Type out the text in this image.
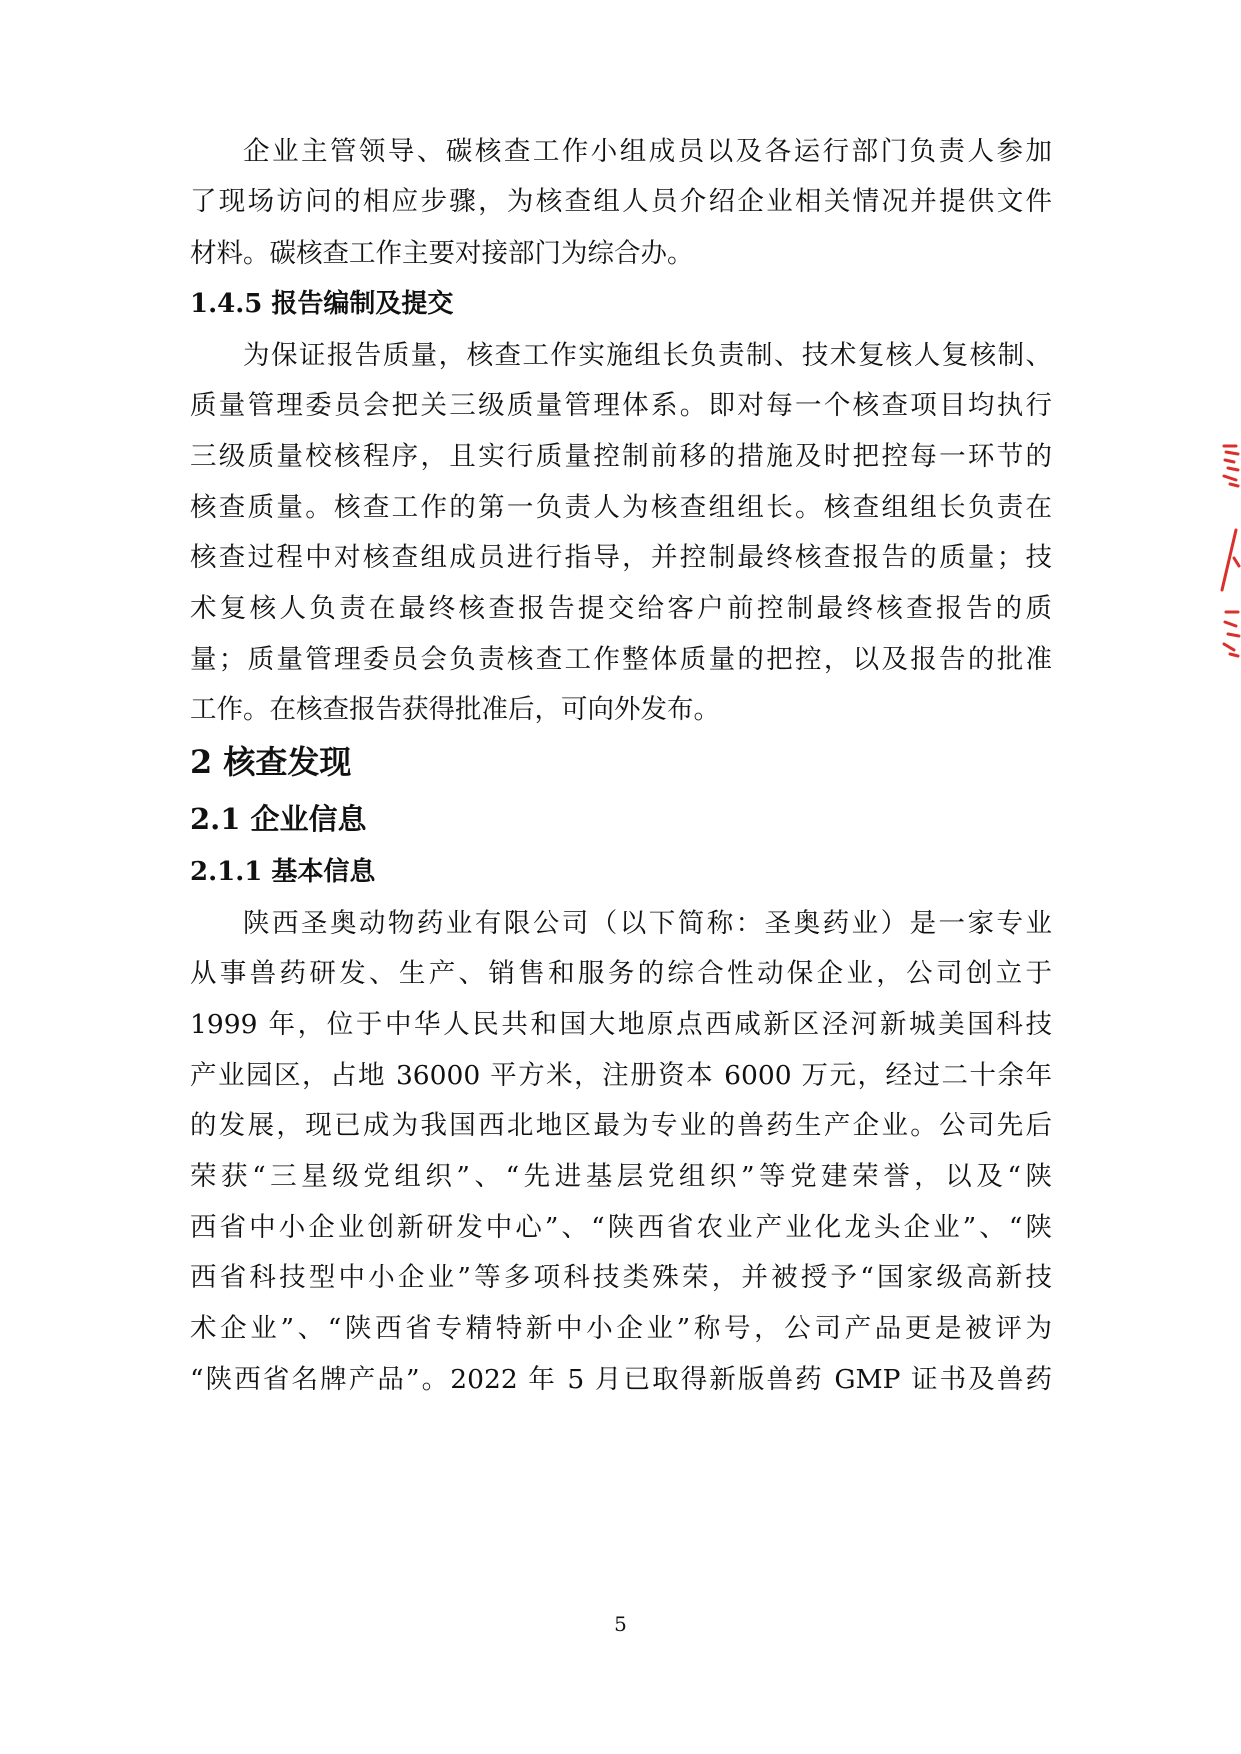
企业主管领导、碳核查工作小组成员以及各运行部门负责人参加
了现场访问的相应步骤，为核查组人员介绍企业相关情况并提供文件
材料。碳核查工作主要对接部门为综合办。
1.4.5 报告编制及提交
为保证报告质量，核查工作实施组长负责制、技术复核人复核制、
质量管理委员会把关三级质量管理体系。即对每一个核查项目均执行
三级质量校核程序，且实行质量控制前移的措施及时把控每一环节的
核查质量。核查工作的第一负责人为核查组组长。核查组组长负责在
核查过程中对核查组成员进行指导，并控制最终核查报告的质量；技
术复核人负责在最终核查报告提交给客户前控制最终核查报告的质
量；质量管理委员会负责核查工作整体质量的把控，以及报告的批准
工作。在核查报告获得批准后，可向外发布。
2 核查发现
2.1 企业信息
2.1.1 基本信息
陕西圣奥动物药业有限公司（以下简称：圣奥药业）是一家专业
从事兽药研发、生产、销售和服务的综合性动保企业，公司创立于
1999 年，位于中华人民共和国大地原点西咸新区泾河新城美国科技
产业园区，占地 36000 平方米，注册资本 6000 万元，经过二十余年
的发展，现已成为我国西北地区最为专业的兽药生产企业。公司先后
荣获“三星级党组织”、“先进基层党组织”等党建荣誉，以及“陕
西省中小企业创新研发中心”、“陕西省农业产业化龙头企业”、“陕
西省科技型中小企业”等多项科技类殊荣，并被授予“国家级高新技
术企业”、“陕西省专精特新中小企业”称号，公司产品更是被评为
“陕西省名牌产品”。2022 年 5 月已取得新版兽药 GMP 证书及兽药
5
